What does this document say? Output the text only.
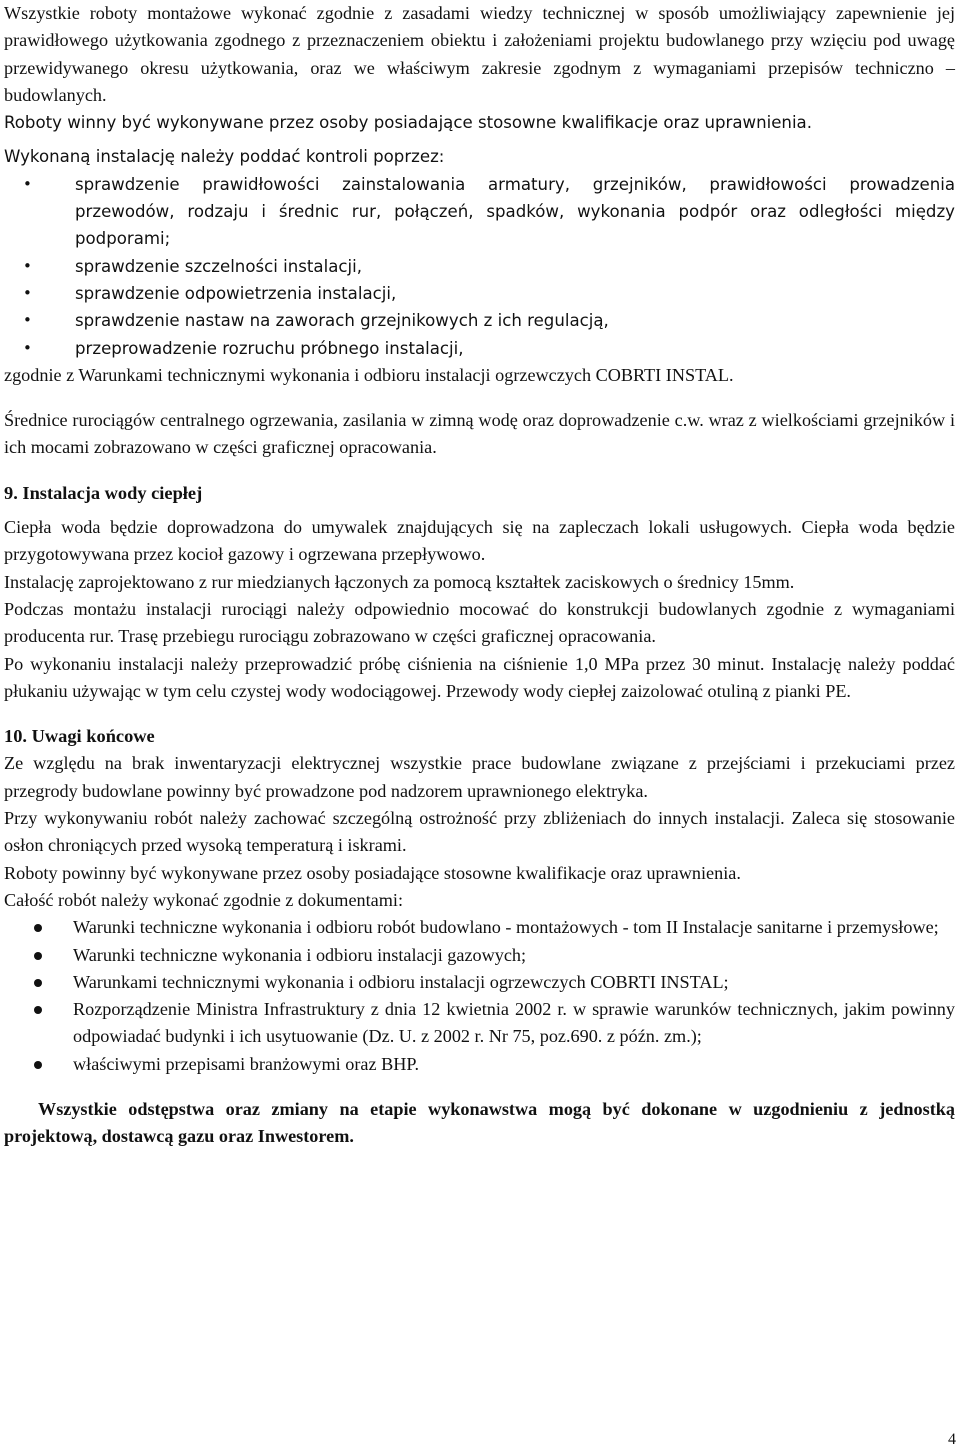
Wszystkie roboty montażowe wykonać zgodnie z zasadami wiedzy technicznej w sposób umożliwiający zapewnienie jej prawidłowego użytkowania zgodnego z przeznaczeniem obiektu i założeniami projektu budowlanego przy wzięciu pod uwagę przewidywanego okresu użytkowania, oraz we właściwym zakresie zgodnym z wymaganiami przepisów techniczno – budowlanych.

Roboty winny być wykonywane przez osoby posiadające stosowne kwalifikacje oraz uprawnienia.

Wykonaną instalację należy poddać kontroli poprzez:

• sprawdzenie prawidłowości zainstalowania armatury, grzejników, prawidłowości prowadzenia przewodów, rodzaju i średnic rur, połączeń, spadków, wykonania podpór oraz odległości między podporami;
• sprawdzenie szczelności instalacji,
• sprawdzenie odpowietrzenia instalacji,
• sprawdzenie nastaw na zaworach grzejnikowych z ich regulacją,
• przeprowadzenie rozruchu próbnego instalacji,

zgodnie z Warunkami technicznymi wykonania i odbioru instalacji ogrzewczych COBRTI INSTAL.

Średnice rurociągów centralnego ogrzewania, zasilania w zimną wodę oraz doprowadzenie c.w. wraz z wielkościami grzejników i ich mocami zobrazowano w części graficznej opracowania.

9. Instalacja wody ciepłej

Ciepła woda będzie doprowadzona do umywalek znajdujących się na zapleczach lokali usługowych. Ciepła woda będzie przygotowywana przez kocioł gazowy i ogrzewana przepływowo.

Instalację zaprojektowano z rur miedzianych łączonych za pomocą kształtek zaciskowych o średnicy 15mm.

Podczas montażu instalacji rurociągi należy odpowiednio mocować do konstrukcji budowlanych zgodnie z wymaganiami producenta rur. Trasę przebiegu rurociągu zobrazowano w części graficznej opracowania.

Po wykonaniu instalacji należy przeprowadzić próbę ciśnienia na ciśnienie 1,0 MPa przez 30 minut. Instalację należy poddać płukaniu używając w tym celu czystej wody wodociągowej. Przewody wody ciepłej zaizolować otuliną z pianki PE.

10. Uwagi końcowe

Ze względu na brak inwentaryzacji elektrycznej wszystkie prace budowlane związane z przejściami i przekuciami przez przegrody budowlane powinny być prowadzone pod nadzorem uprawnionego elektryka.

Przy wykonywaniu robót należy zachować szczególną ostrożność przy zbliżeniach do innych instalacji. Zaleca się stosowanie osłon chroniących przed wysoką temperaturą i iskrami.

Roboty powinny być wykonywane przez osoby posiadające stosowne kwalifikacje oraz uprawnienia.

Całość robót należy wykonać zgodnie z dokumentami:

Warunki techniczne wykonania i odbioru robót budowlano - montażowych - tom II Instalacje sanitarne i przemysłowe;
Warunki techniczne wykonania i odbioru instalacji gazowych;
Warunkami technicznymi wykonania i odbioru instalacji ogrzewczych COBRTI INSTAL;
Rozporządzenie Ministra Infrastruktury z dnia 12 kwietnia 2002 r. w sprawie warunków technicznych, jakim powinny odpowiadać budynki i ich usytuowanie (Dz. U. z 2002 r. Nr 75, poz.690. z późn. zm.);
właściwymi przepisami branżowymi oraz BHP.

Wszystkie odstępstwa oraz zmiany na etapie wykonawstwa mogą być dokonane w uzgodnieniu z jednostką projektową, dostawcą gazu oraz Inwestorem.

4
